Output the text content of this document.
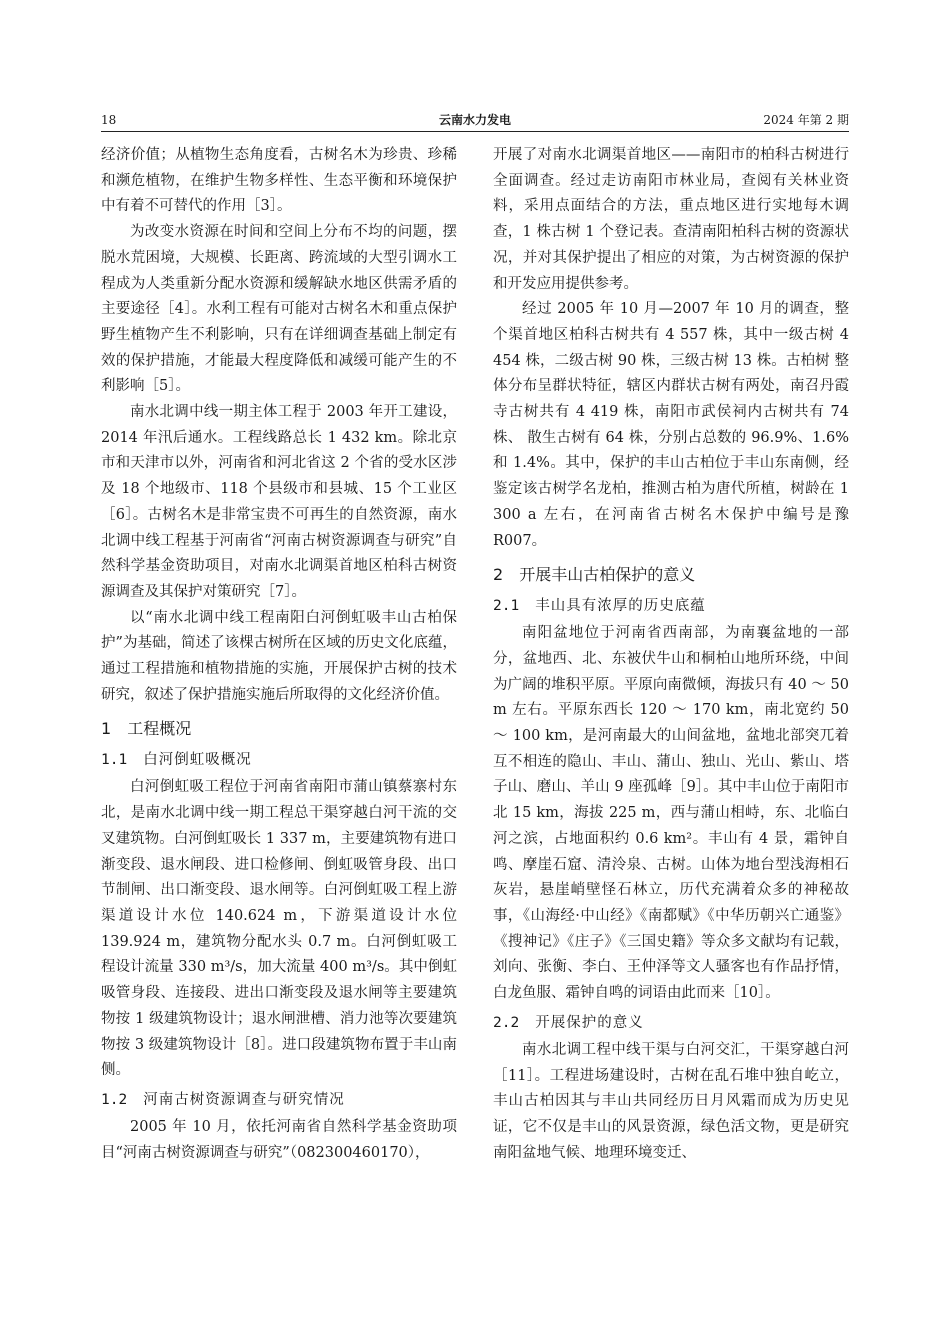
18	云南水力发电	2024 年第 2 期

经济价值；从植物生态角度看，古树名木为珍贵、珍稀和濒危植物，在维护生物多样性、生态平衡和环境保护中有着不可替代的作用［3］。

为改变水资源在时间和空间上分布不均的问题，摆脱水荒困境，大规模、长距离、跨流域的大型引调水工程成为人类重新分配水资源和缓解缺水地区供需矛盾的主要途径［4］。水利工程有可能对古树名木和重点保护野生植物产生不利影响，只有在详细调查基础上制定有效的保护措施，才能最大程度降低和减缓可能产生的不利影响［5］。

南水北调中线一期主体工程于 2003 年开工建设，2014 年汛后通水。工程线路总长 1 432 km。除北京市和天津市以外，河南省和河北省这 2 个省的受水区涉及 18 个地级市、118 个县级市和县城、15 个工业区［6］。古树名木是非常宝贵不可再生的自然资源，南水北调中线工程基于河南省“河南古树资源调查与研究”自然科学基金资助项目，对南水北调渠首地区柏科古树资源调查及其保护对策研究［7］。

以“南水北调中线工程南阳白河倒虹吸丰山古柏保护”为基础，简述了该棵古树所在区域的历史文化底蕴，通过工程措施和植物措施的实施，开展保护古树的技术研究，叙述了保护措施实施后所取得的文化经济价值。

1 工程概况
1.1 白河倒虹吸概况

白河倒虹吸工程位于河南省南阳市蒲山镇蔡寨村东北，是南水北调中线一期工程总干渠穿越白河干流的交叉建筑物。白河倒虹吸长 1 337 m，主要建筑物有进口渐变段、退水闸段、进口检修闸、倒虹吸管身段、出口节制闸、出口渐变段、退水闸等。白河倒虹吸工程上游渠道设计水位 140.624 m，下游渠道设计水位 139.924 m，建筑物分配水头 0.7 m。白河倒虹吸工程设计流量 330 m³/s，加大流量 400 m³/s。其中倒虹吸管身段、连接段、进出口渐变段及退水闸等主要建筑物按 1 级建筑物设计；退水闸泄槽、消力池等次要建筑物按 3 级建筑物设计［8］。进口段建筑物布置于丰山南侧。

1.2 河南古树资源调查与研究情况

2005 年 10 月，依托河南省自然科学基金资助项目“河南古树资源调查与研究”（082300460170），

开展了对南水北调渠首地区——南阳市的柏科古树进行全面调查。经过走访南阳市林业局，查阅有关林业资料，采用点面结合的方法，重点地区进行实地每木调查，1 株古树 1 个登记表。查清南阳柏科古树的资源状况，并对其保护提出了相应的对策，为古树资源的保护和开发应用提供参考。

经过 2005 年 10 月—2007 年 10 月的调查，整个渠首地区柏科古树共有 4 557 株，其中一级古树 4 454 株，二级古树 90 株，三级古树 13 株。古柏树 整体分布呈群状特征，辖区内群状古树有两处，南召丹霞寺古树共有 4 419 株，南阳市武侯祠内古树共有 74 株、 散生古树有 64 株，分别占总数的 96.9%、1.6% 和 1.4%。其中，保护的丰山古柏位于丰山东南侧，经鉴定该古树学名龙柏，推测古柏为唐代所植，树龄在 1 300 a 左右，在河南省古树名木保护中编号是豫 R007。

2 开展丰山古柏保护的意义
2.1 丰山具有浓厚的历史底蕴

南阳盆地位于河南省西南部，为南襄盆地的一部分，盆地西、北、东被伏牛山和桐柏山地所环绕，中间为广阔的堆积平原。平原向南微倾，海拔只有 40 ～ 50 m 左右。平原东西长 120 ～ 170 km，南北宽约 50 ～ 100 km，是河南最大的山间盆地，盆地北部突兀着互不相连的隐山、丰山、蒲山、独山、光山、紫山、塔子山、磨山、羊山 9 座孤峰［9］。其中丰山位于南阳市北 15 km，海拔 225 m，西与蒲山相峙，东、北临白河之滨，占地面积约 0.6 km²。丰山有 4 景，霜钟自鸣、摩崖石窟、清泠泉、古树。山体为地台型浅海相石灰岩，悬崖峭壁怪石林立，历代充满着众多的神秘故事，《山海经·中山经》《南都赋》《中华历朝兴亡通鉴》《搜神记》《庄子》《三国史籍》等众多文献均有记载，刘向、张衡、李白、王仲泽等文人骚客也有作品抒情，白龙鱼服、霜钟自鸣的词语由此而来［10］。

2.2 开展保护的意义

南水北调工程中线干渠与白河交汇，干渠穿越白河［11］。工程进场建设时，古树在乱石堆中独自屹立，丰山古柏因其与丰山共同经历日月风霜而成为历史见证，它不仅是丰山的风景资源，绿色活文物，更是研究南阳盆地气候、地理环境变迁、
